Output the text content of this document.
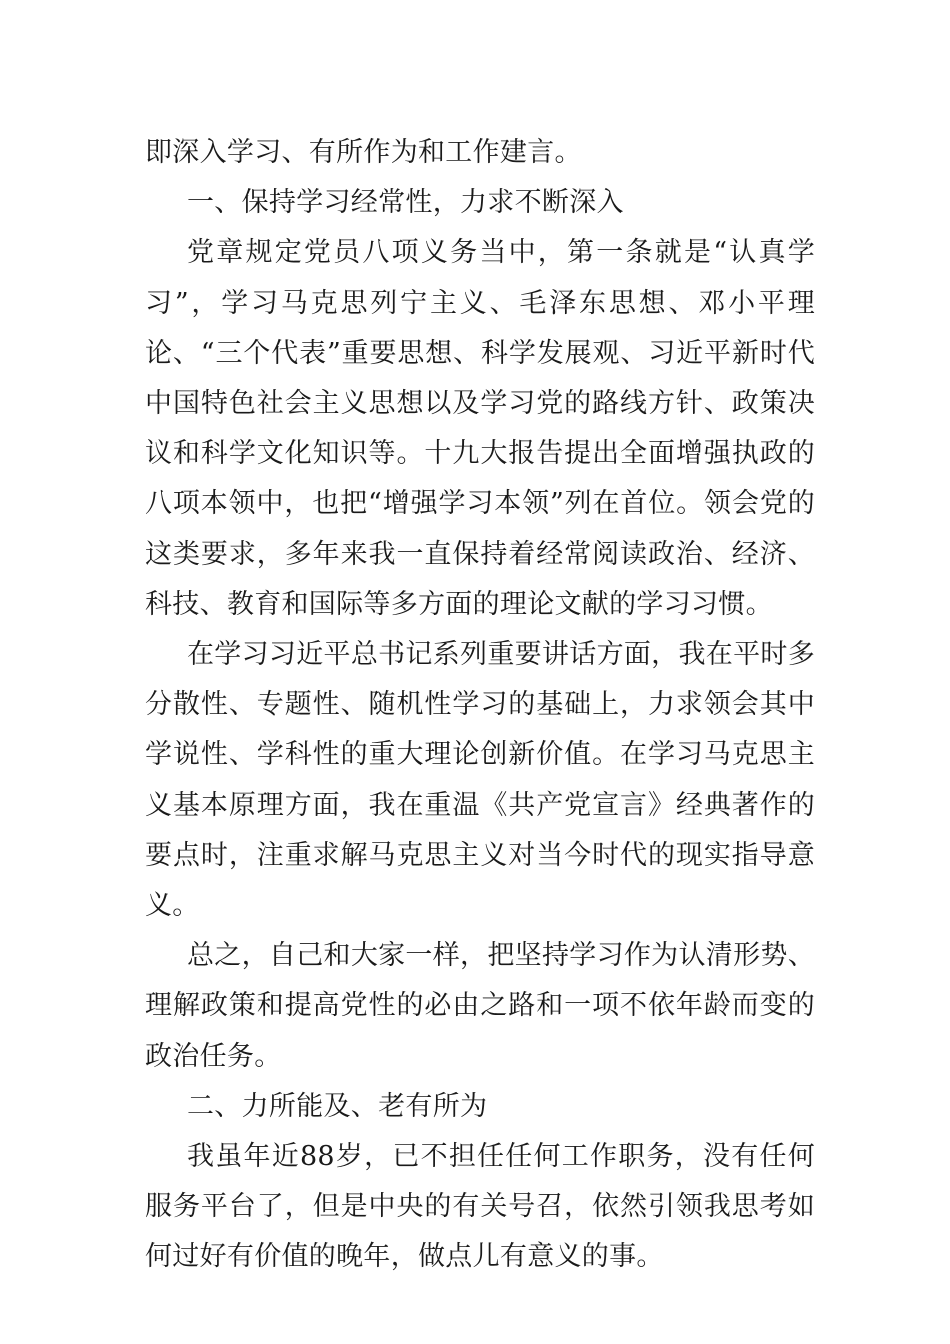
即深入学习、有所作为和工作建言。

一、保持学习经常性，力求不断深入

党章规定党员八项义务当中，第一条就是“认真学习”，学习马克思列宁主义、毛泽东思想、邓小平理论、“三个代表”重要思想、科学发展观、习近平新时代中国特色社会主义思想以及学习党的路线方针、政策决议和科学文化知识等。十九大报告提出全面增强执政的八项本领中，也把“增强学习本领”列在首位。领会党的这类要求，多年来我一直保持着经常阅读政治、经济、科技、教育和国际等多方面的理论文献的学习习惯。

在学习习近平总书记系列重要讲话方面，我在平时多分散性、专题性、随机性学习的基础上，力求领会其中学说性、学科性的重大理论创新价值。在学习马克思主义基本原理方面，我在重温《共产党宣言》经典著作的要点时，注重求解马克思主义对当今时代的现实指导意义。

总之，自己和大家一样，把坚持学习作为认清形势、理解政策和提高党性的必由之路和一项不依年龄而变的政治任务。

二、力所能及、老有所为

我虽年近88岁，已不担任任何工作职务，没有任何服务平台了，但是中央的有关号召，依然引领我思考如何过好有价值的晚年，做点儿有意义的事。
